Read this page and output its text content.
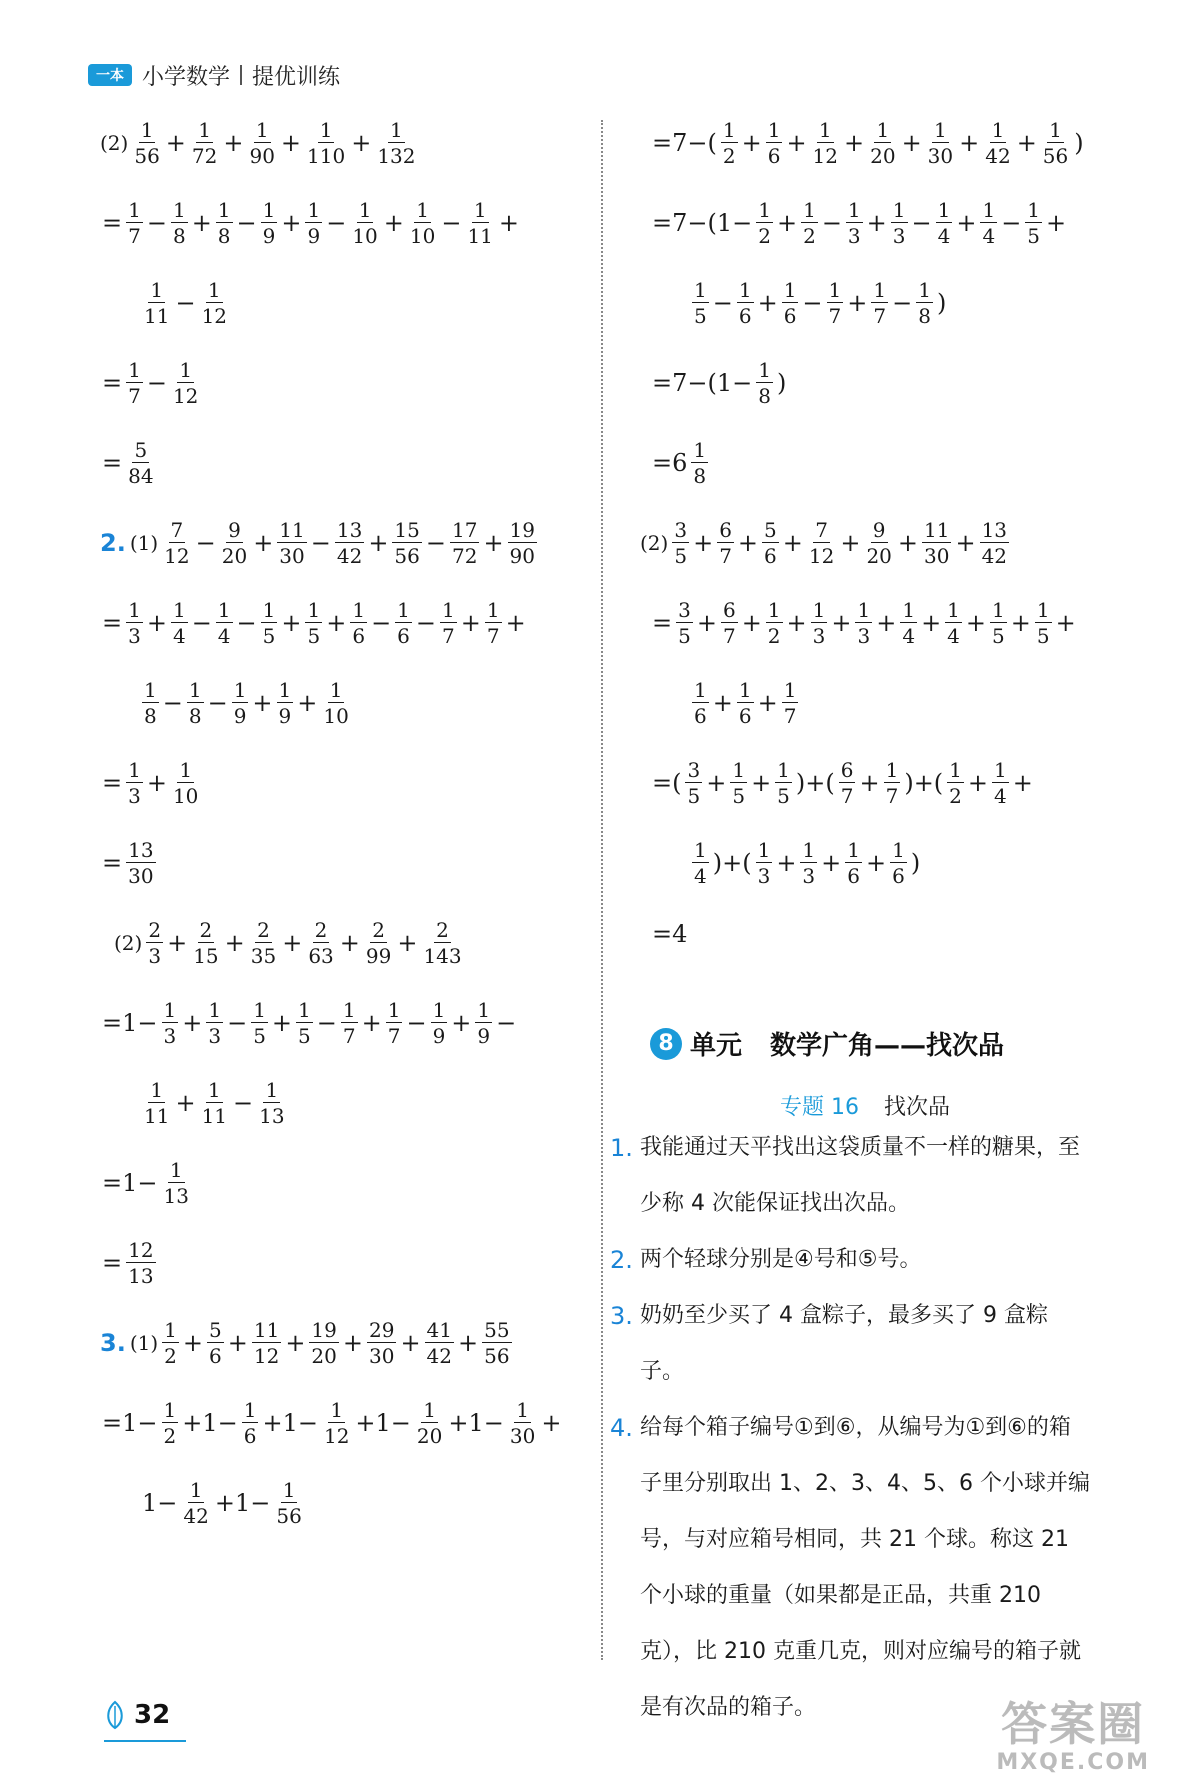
一本 小学数学 提优训练
$(2) \frac{1}{56} + \frac{1}{72} + \frac{1}{90} + \frac{1}{110} + \frac{1}{132}$
= $\frac{1}{7} - \frac{1}{8} + \frac{1}{8} - \frac{1}{9} + \frac{1}{9} - \frac{1}{10} + \frac{1}{10} - \frac{1}{11}$ +
$\frac{1}{11} - \frac{1}{12}$
= $\frac{1}{7} - \frac{1}{12}$
= $\frac{5}{84}$
2. $(1) \frac{7}{12} - \frac{9}{20} + \frac{11}{30} - \frac{13}{42} + \frac{15}{56} - \frac{17}{72} + \frac{19}{90}$
= $\frac{1}{3} + \frac{1}{4} - \frac{1}{4} - \frac{1}{5} + \frac{1}{5} + \frac{1}{6} - \frac{1}{6} - \frac{1}{7} + \frac{1}{7}$ +
$\frac{1}{8} - \frac{1}{8} - \frac{1}{9} + \frac{1}{9} + \frac{1}{10}$
= $\frac{1}{3} + \frac{1}{10}$
= $\frac{13}{30}$
$(2) \frac{2}{3} + \frac{2}{15} + \frac{2}{35} + \frac{2}{63} + \frac{2}{99} + \frac{2}{143}$
$=1- \frac{1}{3} + \frac{1}{3} - \frac{1}{5} + \frac{1}{5} - \frac{1}{7} + \frac{1}{7} - \frac{1}{9} + \frac{1}{9}$ −
$\frac{1}{11} + \frac{1}{11} - \frac{1}{13}$
$=1- \frac{1}{13}$
= $\frac{12}{13}$
3. $(1) \frac{1}{2} + \frac{5}{6} + \frac{11}{12} + \frac{19}{20} + \frac{29}{30} + \frac{41}{42} + \frac{55}{56}$
$=1- \frac{1}{2} +1- \frac{1}{6} +1- \frac{1}{12} +1- \frac{1}{20} +1- \frac{1}{30}$ +
$1- \frac{1}{42} +1- \frac{1}{56}$
8 单元 数学广角——找次品
专题 16 找次品
1. 我能通过天平找出这袋质量不一样的糖果，至少称 4 次能保证找出次品。
2. 两个轻球分别是④号和⑤号。
3. 奶奶至少买了 4 盒粽子，最多买了 9 盒粽子。
4. 给每个箱子编号①到⑥，从编号为①到⑥的箱子里分别取出 1、2、3、4、5、6 个小球并编号，与对应箱号相同，共 21 个球。称这 21 个小球的重量（如果都是正品，共重 210 克），比 210 克重几克，则对应编号的箱子就是有次品的箱子。
$=7-( \frac{1}{2} + \frac{1}{6} + \frac{1}{12} + \frac{1}{20} + \frac{1}{30} + \frac{1}{42} + \frac{1}{56}$ )
$=7-(1- \frac{1}{2} + \frac{1}{2} - \frac{1}{3} + \frac{1}{3} - \frac{1}{4} + \frac{1}{4} - \frac{1}{5}$ +
$\frac{1}{5} - \frac{1}{6} + \frac{1}{6} - \frac{1}{7} + \frac{1}{7} - \frac{1}{8}$ )
$=7-(1- \frac{1}{8}$ )
$=6 \frac{1}{8}$
$(2) \frac{3}{5} + \frac{6}{7} + \frac{5}{6} + \frac{7}{12} + \frac{9}{20} + \frac{11}{30} + \frac{13}{42}$
= $\frac{3}{5} + \frac{6}{7} + \frac{1}{2} + \frac{1}{3} + \frac{1}{3} + \frac{1}{4} + \frac{1}{4} + \frac{1}{5} + \frac{1}{5}$ +
$\frac{1}{6} + \frac{1}{6} + \frac{1}{7}$
=( $\frac{3}{5} + \frac{1}{5} + \frac{1}{5}$ )+( $\frac{6}{7} + \frac{1}{7}$ )+( $\frac{1}{2} + \frac{1}{4}$ +
$\frac{1}{4}$ )+( $\frac{1}{3} + \frac{1}{3} + \frac{1}{6} + \frac{1}{6}$ )
=4
32	答案圈
MXQE.COM
